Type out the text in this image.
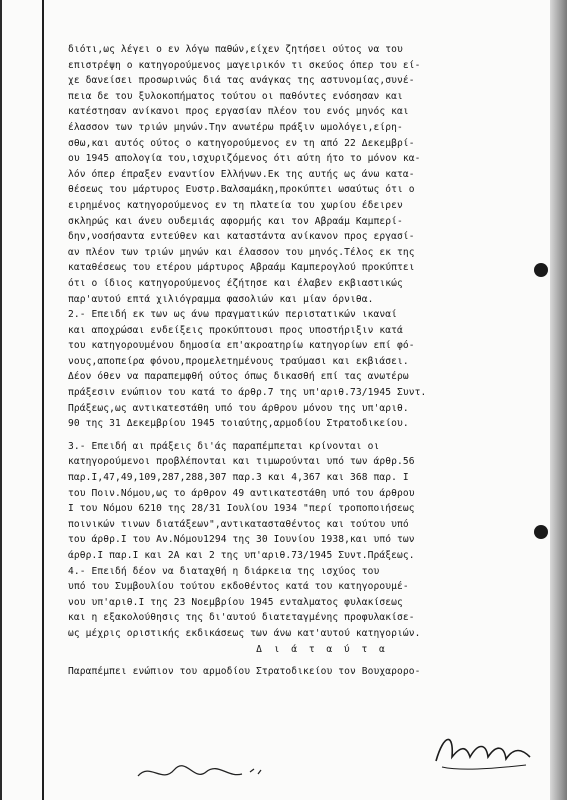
διότι,ως λέγει ο εν λόγω παθών,είχεν ζητήσει ούτος να του
επιστρέψη ο κατηγορούμενος μαγειρικόν τι σκεύος όπερ του εί-
χε δανείσει προσωρινώς διά τας ανάγκας της αστυνομίας,συνέ-
πεια δε του ξυλοκοπήματος τούτου οι παθόντες ενόσησαν και
κατέστησαν ανίκανοι προς εργασίαν πλέον του ενός μηνός και
έλασσον των τριών μηνών.Την ανωτέρω πράξιν ωμολόγει,είρη-
σθω,και αυτός ούτος ο κατηγορούμενος εν τη από 22 Δεκεμβρί-
ου 1945 απολογία του,ισχυριζόμενος ότι αύτη ήτο το μόνον κα-
λόν όπερ έπραξεν εναντίον Ελλήνων.Εκ της αυτής ως άνω κατα-
θέσεως του μάρτυρος Ευστρ.Βαλσαμάκη,προκύπτει ωσαύτως ότι ο
ειρημένος κατηγορούμενος εν τη πλατεία του χωρίου έδειρεν
σκληρώς και άνευ ουδεμιάς αφορμής και τον Αβραάμ Καμπερί-
δην,νοσήσαντα εντεύθεν και καταστάντα ανίκανον προς εργασί-
αν πλέον των τριών μηνών και έλασσον του μηνός.Τέλος εκ της
καταθέσεως του ετέρου μάρτυρος Αβραάμ Καμπερογλού προκύπτει
ότι ο ίδιος κατηγορούμενος έζήτησε και έλαβεν εκβιαστικώς
παρ'αυτού επτά χιλιόγραμμα φασολιών και μίαν όρνιθα.
2.- Επειδή εκ των ως άνω πραγματικών περιστατικών ικαναί
και αποχρώσαι ενδείξεις προκύπτουσι προς υποστήριξιν κατά
του κατηγορουμένου δημοσία επ'ακροατηρίω κατηγορίων επί φό-
νους,αποπείρα φόνου,προμελετημένους τραύμασι και εκβιάσει.
Δέον όθεν να παραπεμφθή ούτος όπως δικασθή επί τας ανωτέρω
πράξεσιν ενώπιον του κατά το άρθρ.7 της υπ'αριθ.73/1945 Συντ.
Πράξεως,ως αντικατεστάθη υπό του άρθρου μόνου της υπ'αριθ.
90 της 31 Δεκεμβρίου 1945 τοιαύτης,αρμοδίου Στρατοδικείου.
3.- Επειδή αι πράξεις δι'άς παραπέμπεται κρίνονται οι
κατηγορούμενοι προβλέπονται και τιμωρούνται υπό των άρθρ.56
παρ.Ι,47,49,109,287,288,307 παρ.3 και 4,367 και 368 παρ. Ι
του Ποιν.Νόμου,ως το άρθρον 49 αντικατεστάθη υπό του άρθρου
Ι του Νόμου 6210 της 28/31 Ιουλίου 1934 "περί τροποποιήσεως
ποινικών τινων διατάξεων",αντικατασταθέντος και τούτου υπό
του άρθρ.Ι του Αν.Νόμου1294 της 30 Ιουνίου 1938,και υπό των
άρθρ.Ι παρ.Ι και 2Α και 2 της υπ'αριθ.73/1945 Συντ.Πράξεως.
4.- Επειδή δέον να διαταχθή η διάρκεια της ισχύος του
υπό του Συμβουλίου τούτου εκδοθέντος κατά του κατηγορουμέ-
νου υπ'αριθ.Ι της 23 Νοεμβρίου 1945 ενταλματος φυλακίσεως
και η εξακολούθησις της δι'αυτού διατεταγμένης προφυλακίσε-
ως μέχρις οριστικής εκδικάσεως των άνω κατ'αυτού κατηγοριών.
Δ ι ά τ α ύ τ α
Παραπέμπει ενώπιον του αρμοδίου Στρατοδικείου τον Βουχαρορο-
